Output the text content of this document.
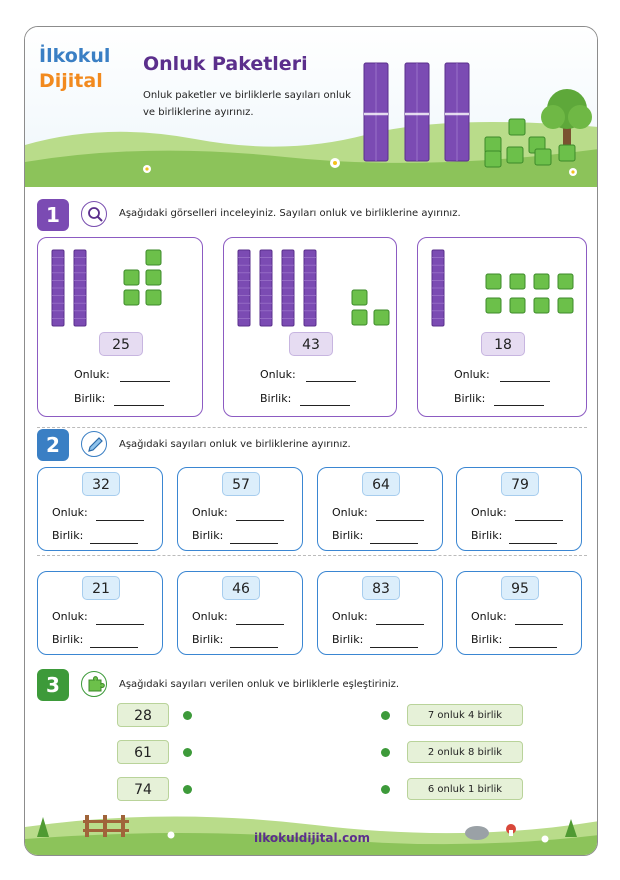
İlkokul
Dijital
Onluk Paketleri
Onluk paketler ve birliklerle sayıları onluk ve birliklerine ayırınız.
1	Aşağıdaki görselleri inceleyiniz. Sayıları onluk ve birliklerine ayırınız.
25
Onluk:
Birlik:
43
Onluk:
Birlik:
18
Onluk:
Birlik:
2	Aşağıdaki sayıları onluk ve birliklerine ayırınız.
32
Onluk:
Birlik:
57
Onluk:
Birlik:
64
Onluk:
Birlik:
79
Onluk:
Birlik:
21
Onluk:
Birlik:
46
Onluk:
Birlik:
83
Onluk:
Birlik:
95
Onluk:
Birlik:
3	Aşağıdaki sayıları verilen onluk ve birliklerle eşleştiriniz.
28
61
74
7 onluk 4 birlik
2 onluk 8 birlik
6 onluk 1 birlik
ilkokuldijital.com
